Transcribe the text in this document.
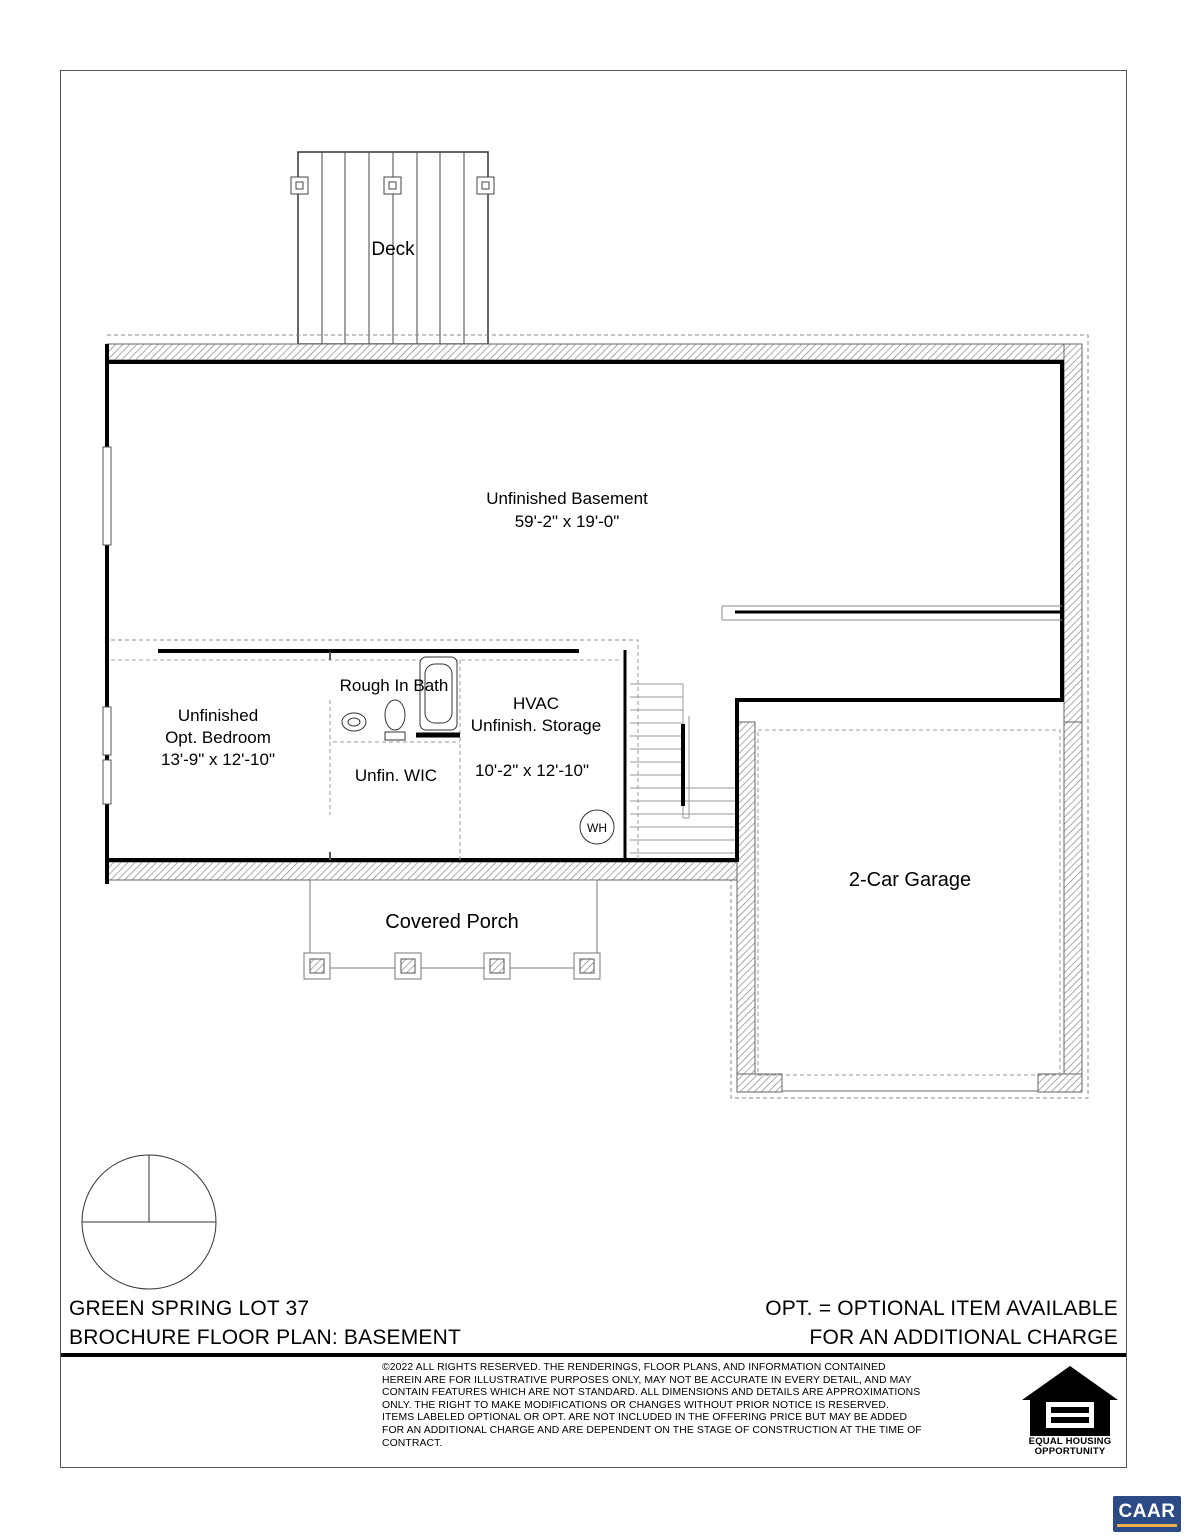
Deck
Unfinished Basement
59'-2" x 19'-0"
Unfinished
Opt. Bedroom
13'-9" x 12'-10"
Rough In Bath
Unfin. WIC
HVAC
Unfinish. Storage
10'-2" x 12'-10"
WH
2-Car Garage
Covered Porch
GREEN SPRING LOT 37
BROCHURE FLOOR PLAN: BASEMENT
OPT. = OPTIONAL ITEM AVAILABLE
FOR AN ADDITIONAL CHARGE
©2022 ALL RIGHTS RESERVED. THE RENDERINGS, FLOOR PLANS, AND INFORMATION CONTAINED
HEREIN ARE FOR ILLUSTRATIVE PURPOSES ONLY, MAY NOT BE ACCURATE IN EVERY DETAIL, AND MAY
CONTAIN FEATURES WHICH ARE NOT STANDARD. ALL DIMENSIONS AND DETAILS ARE APPROXIMATIONS
ONLY. THE RIGHT TO MAKE MODIFICATIONS OR CHANGES WITHOUT PRIOR NOTICE IS RESERVED.
ITEMS LABELED OPTIONAL OR OPT. ARE NOT INCLUDED IN THE OFFERING PRICE BUT MAY BE ADDED
FOR AN ADDITIONAL CHARGE AND ARE DEPENDENT ON THE STAGE OF CONSTRUCTION AT THE TIME OF
CONTRACT.	EQUAL HOUSING
OPPORTUNITY
CAAR
